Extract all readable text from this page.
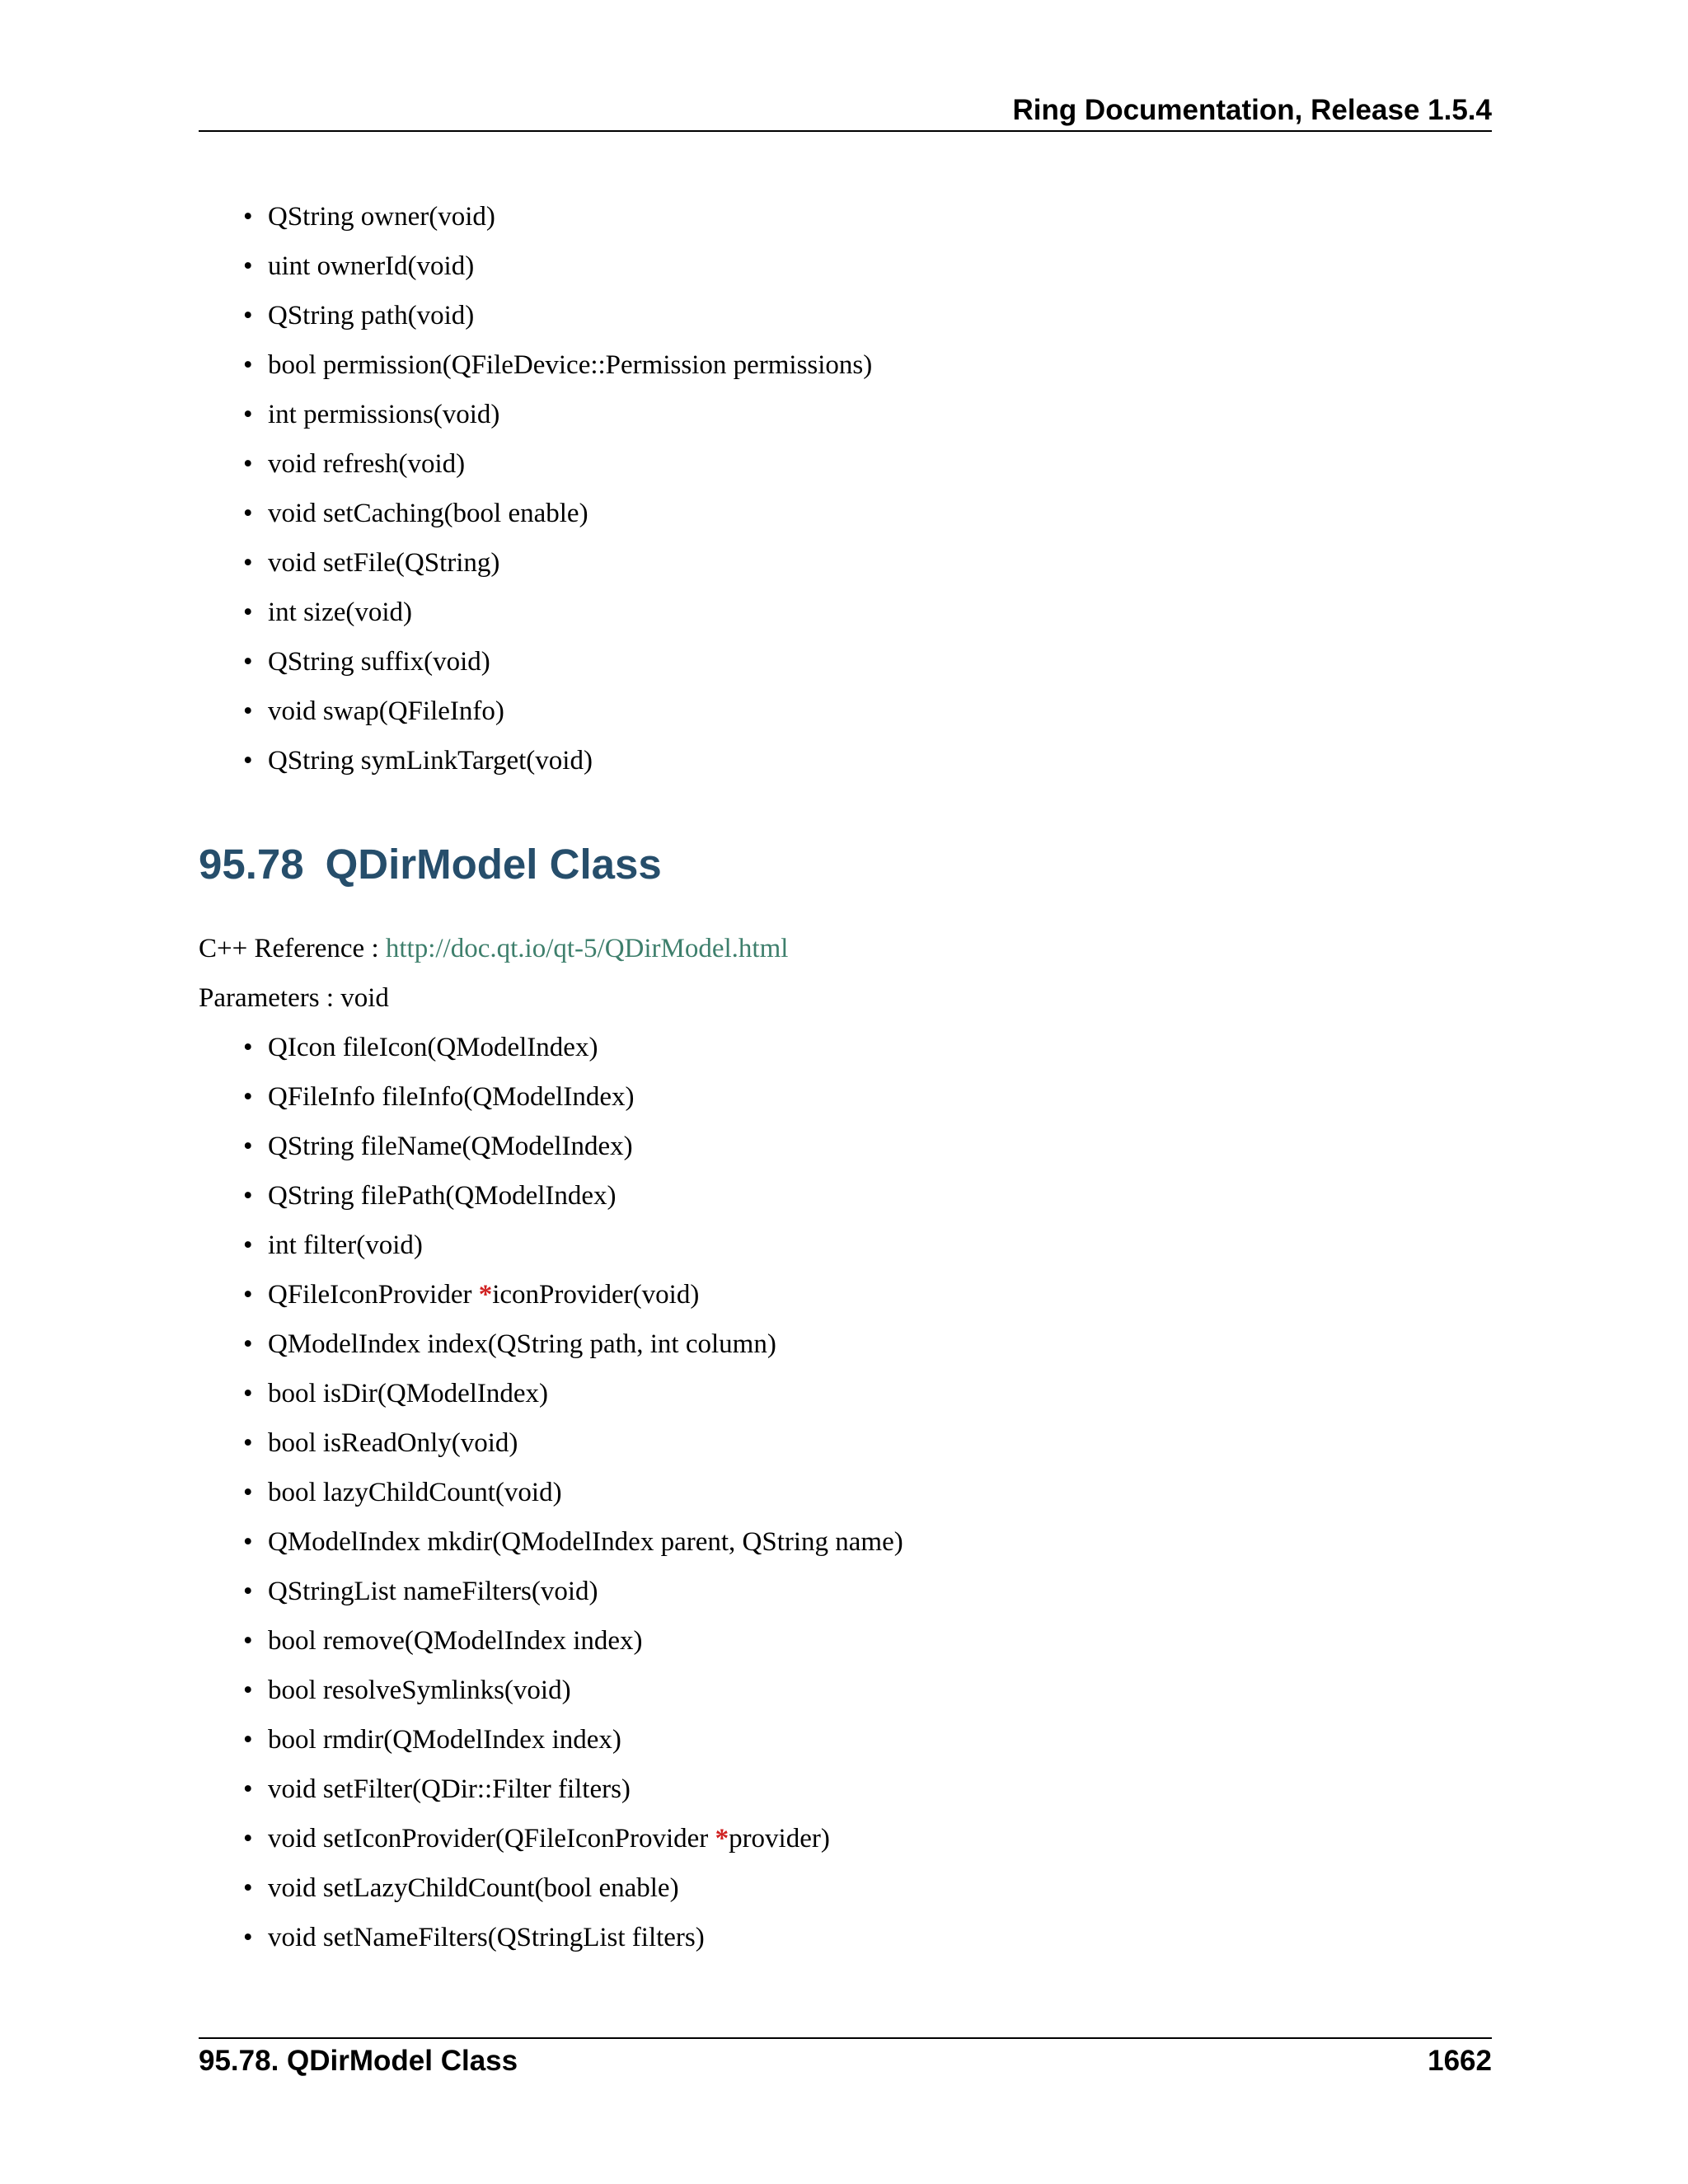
Ring Documentation, Release 1.5.4
• QString owner(void)
• uint ownerId(void)
• QString path(void)
• bool permission(QFileDevice::Permission permissions)
• int permissions(void)
• void refresh(void)
• void setCaching(bool enable)
• void setFile(QString)
• int size(void)
• QString suffix(void)
• void swap(QFileInfo)
• QString symLinkTarget(void)
95.78 QDirModel Class

C++ Reference : http://doc.qt.io/qt-5/QDirModel.html

Parameters : void

• QIcon fileIcon(QModelIndex)
• QFileInfo fileInfo(QModelIndex)
• QString fileName(QModelIndex)
• QString filePath(QModelIndex)
• int filter(void)
• QFileIconProvider *iconProvider(void)
• QModelIndex index(QString path, int column)
• bool isDir(QModelIndex)
• bool isReadOnly(void)
• bool lazyChildCount(void)
• QModelIndex mkdir(QModelIndex parent, QString name)
• QStringList nameFilters(void)
• bool remove(QModelIndex index)
• bool resolveSymlinks(void)
• bool rmdir(QModelIndex index)
• void setFilter(QDir::Filter filters)
• void setIconProvider(QFileIconProvider *provider)
• void setLazyChildCount(bool enable)
• void setNameFilters(QStringList filters)
95.78. QDirModel Class	1662
